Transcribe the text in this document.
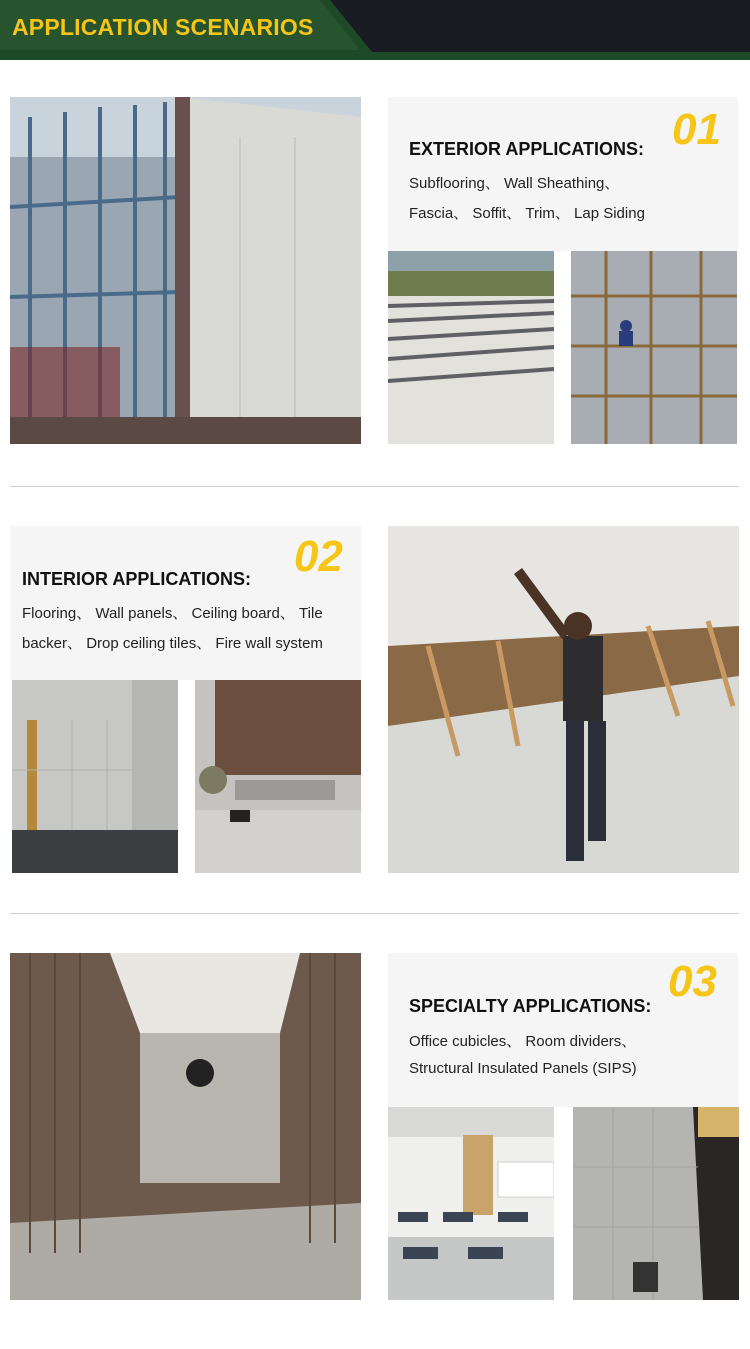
APPLICATION SCENARIOS
01
EXTERIOR APPLICATIONS:
Subflooring、 Wall Sheathing、
Fascia、 Soffit、 Trim、 Lap Siding
02
INTERIOR APPLICATIONS:
Flooring、 Wall panels、 Ceiling board、 Tile
backer、 Drop ceiling tiles、 Fire wall system
03
SPECIALTY APPLICATIONS:
Office cubicles、 Room dividers、
Structural Insulated Panels (SIPS)
